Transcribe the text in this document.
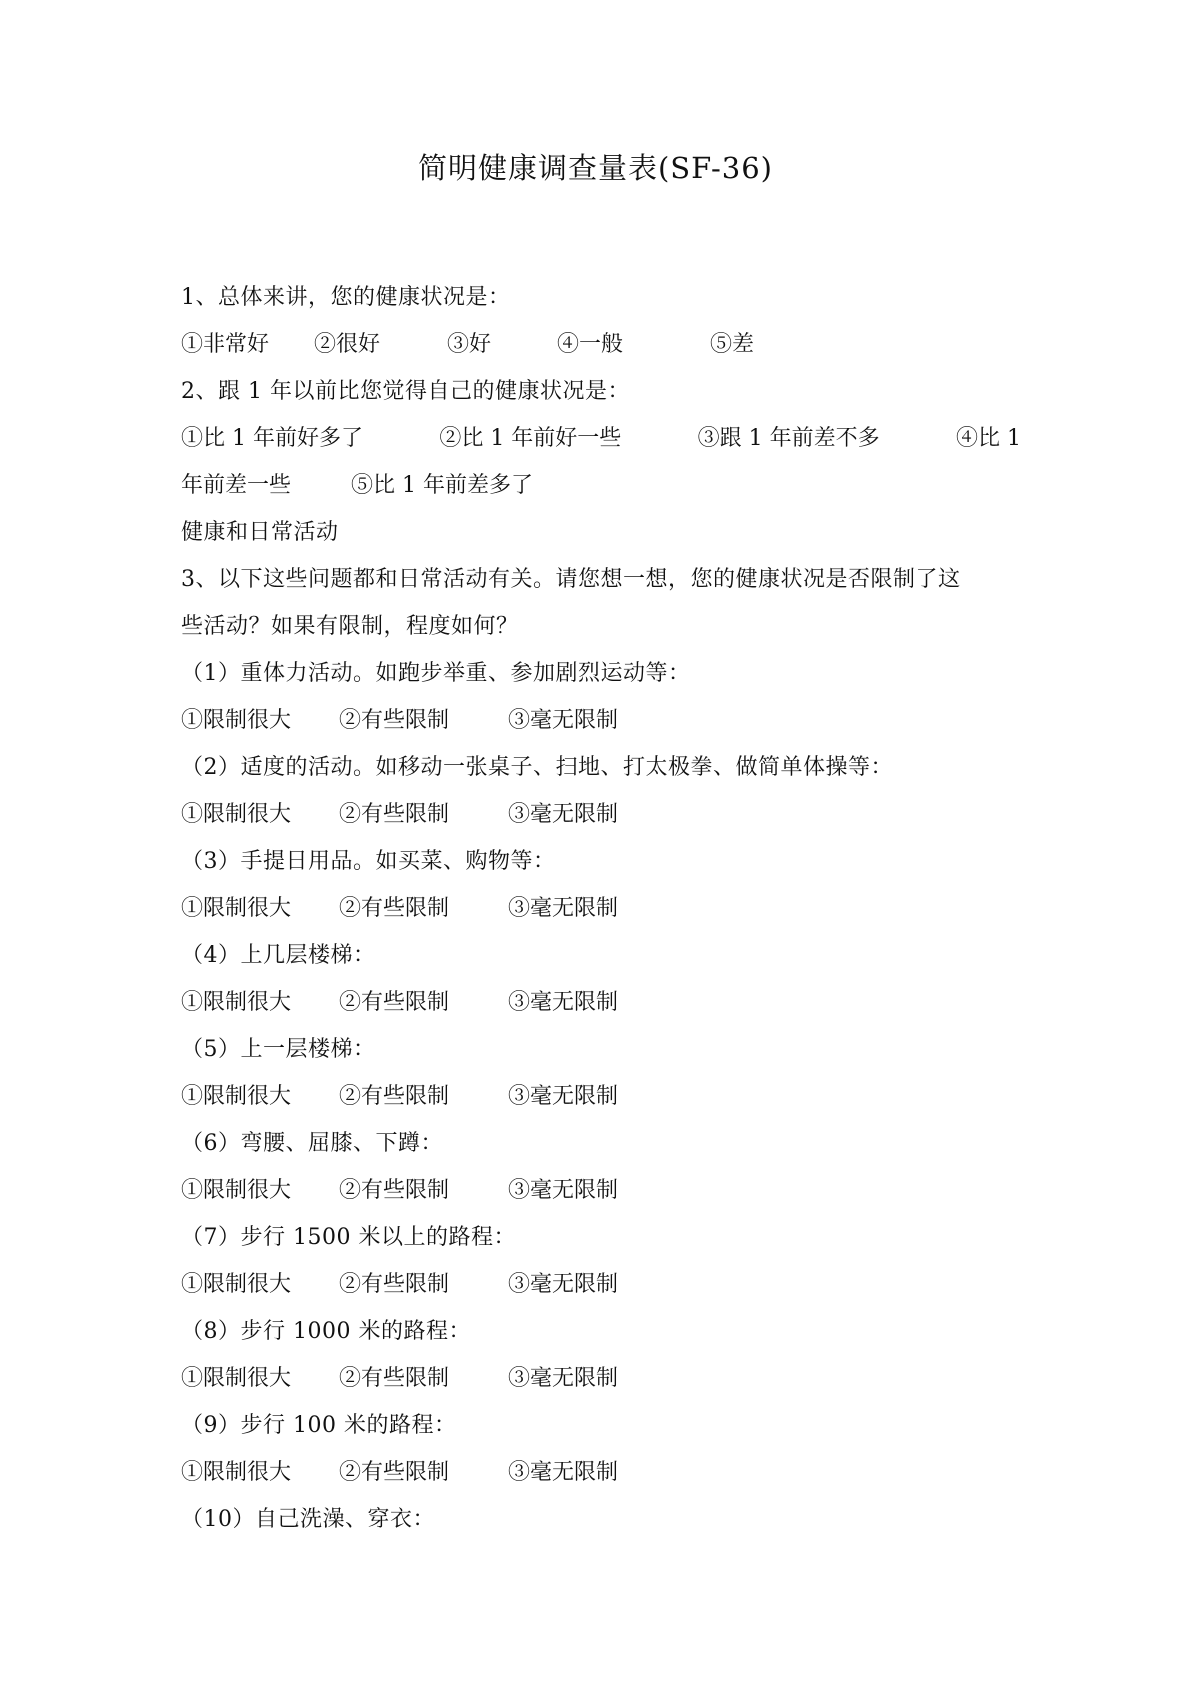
简明健康调查量表(SF-36)
1、总体来讲，您的健康状况是：
①非常好	②很好	③好	④一般	⑤差
2、跟 1 年以前比您觉得自己的健康状况是：
①比 1 年前好多了	②比 1 年前好一些	③跟 1 年前差不多	④比 1
年前差一些	⑤比 1 年前差多了
健康和日常活动
3、以下这些问题都和日常活动有关。请您想一想，您的健康状况是否限制了这
些活动？如果有限制，程度如何？
（1）重体力活动。如跑步举重、参加剧烈运动等：
①限制很大	②有些限制	③毫无限制
（2）适度的活动。如移动一张桌子、扫地、打太极拳、做简单体操等：
①限制很大	②有些限制	③毫无限制
（3）手提日用品。如买菜、购物等：
①限制很大	②有些限制	③毫无限制
（4）上几层楼梯：
①限制很大	②有些限制	③毫无限制
（5）上一层楼梯：
①限制很大	②有些限制	③毫无限制
（6）弯腰、屈膝、下蹲：
①限制很大	②有些限制	③毫无限制
（7）步行 1500 米以上的路程：
①限制很大	②有些限制	③毫无限制
（8）步行 1000 米的路程：
①限制很大	②有些限制	③毫无限制
（9）步行 100 米的路程：
①限制很大	②有些限制	③毫无限制
（10）自己洗澡、穿衣：
